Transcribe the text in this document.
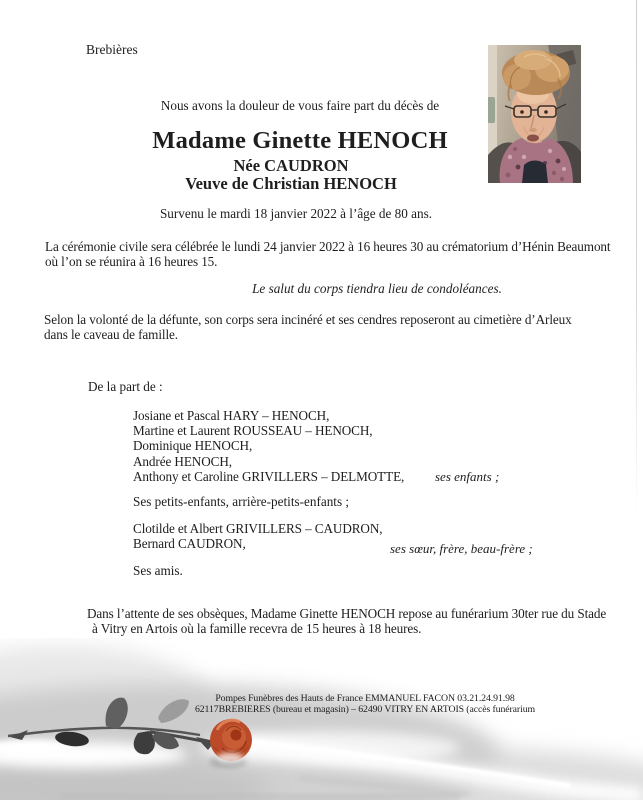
Brebières
Nous avons la douleur de vous faire part du décès de
Madame Ginette HENOCH
Née CAUDRON
Veuve de Christian HENOCH
Survenu le mardi 18 janvier 2022 à l’âge de 80 ans.
La cérémonie civile sera célébrée le lundi 24 janvier 2022 à 16 heures 30 au crématorium d’Hénin Beaumont
où l’on se réunira à 16 heures 15.
Le salut du corps tiendra lieu de condoléances.
Selon la volonté de la défunte, son corps sera incinéré et ses cendres reposeront au cimetière d’Arleux
dans le caveau de famille.
De la part de :
Josiane et Pascal HARY – HENOCH,
Martine et Laurent ROUSSEAU – HENOCH,
Dominique HENOCH,
Andrée HENOCH,
Anthony et Caroline GRIVILLERS – DELMOTTE, ses enfants ;
Ses petits-enfants, arrière-petits-enfants ;
Clotilde et Albert GRIVILLERS – CAUDRON,
Bernard CAUDRON,	ses sœur, frère, beau-frère ;
Ses amis.
Dans l’attente de ses obsèques, Madame Ginette HENOCH repose au funérarium 30ter rue du Stade
à Vitry en Artois où la famille recevra de 15 heures à 18 heures.
Pompes Funèbres des Hauts de France EMMANUEL FACON 03.21.24.91.98
62117BREBIERES (bureau et magasin) – 62490 VITRY EN ARTOIS (accès funérarium
